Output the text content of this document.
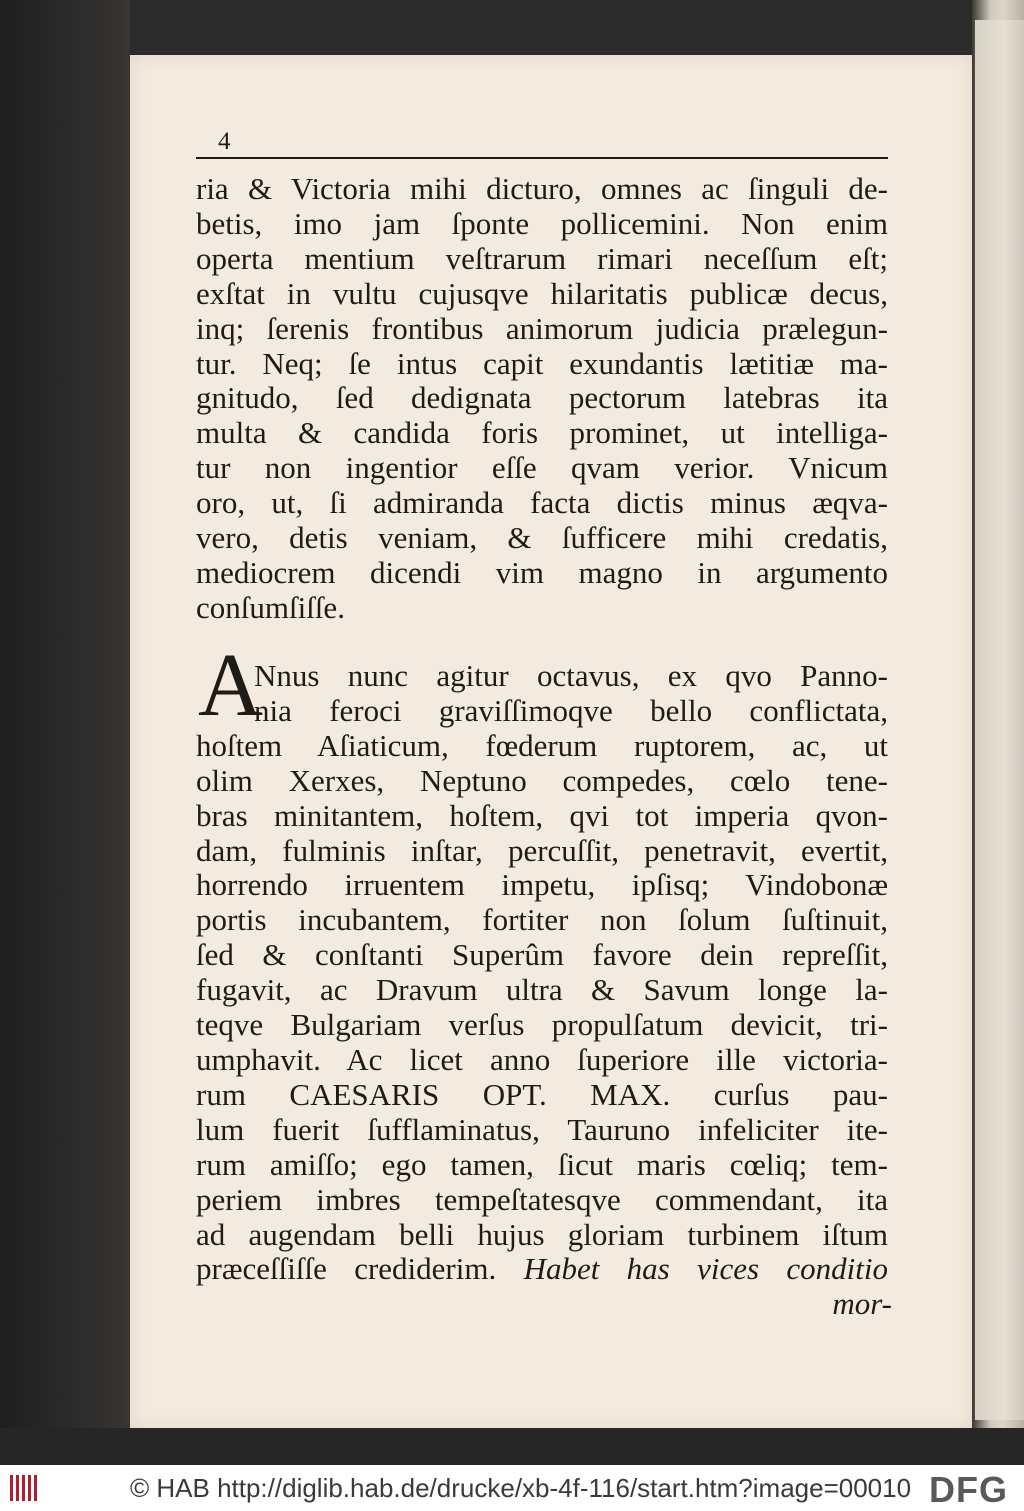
4
ria & Victoria mihi dicturo, omnes ac ſinguli de-
betis, imo jam ſponte pollicemini. Non enim
operta mentium veſtrarum rimari neceſſum eſt;
exſtat in vultu cujusqve hilaritatis publicæ decus,
inq; ſerenis frontibus animorum judicia prælegun-
tur. Neq; ſe intus capit exundantis lætitiæ ma-
gnitudo, ſed dedignata pectorum latebras ita
multa & candida foris prominet, ut intelliga-
tur non ingentior eſſe qvam verior. Vnicum
oro, ut, ſi admiranda facta dictis minus æqva-
vero, detis veniam, & ſufficere mihi credatis,
mediocrem dicendi vim magno in argumento
conſumſiſſe.
A
Nnus nunc agitur octavus, ex qvo Panno-
nia feroci graviſſimoqve bello conflictata,
hoſtem Aſiaticum, fœderum ruptorem, ac, ut
olim Xerxes, Neptuno compedes, cœlo tene-
bras minitantem, hoſtem, qvi tot imperia qvon-
dam, fulminis inſtar, percuſſit, penetravit, evertit,
horrendo irruentem impetu, ipſisq; Vindobonæ
portis incubantem, fortiter non ſolum ſuſtinuit,
ſed & conſtanti Superûm favore dein repreſſit,
fugavit, ac Dravum ultra & Savum longe la-
teqve Bulgariam verſus propulſatum devicit, tri-
umphavit. Ac licet anno ſuperiore ille victoria-
rum CAESARIS OPT. MAX. curſus pau-
lum fuerit ſufflaminatus, Tauruno infeliciter ite-
rum amiſſo; ego tamen, ſicut maris cœliq; tem-
periem imbres tempeſtatesqve commendant, ita
ad augendam belli hujus gloriam turbinem iſtum
præceſſiſſe crediderim. Habet has vices conditio
mor-
© HAB http://diglib.hab.de/drucke/xb-4f-116/start.htm?image=00010 DFG
